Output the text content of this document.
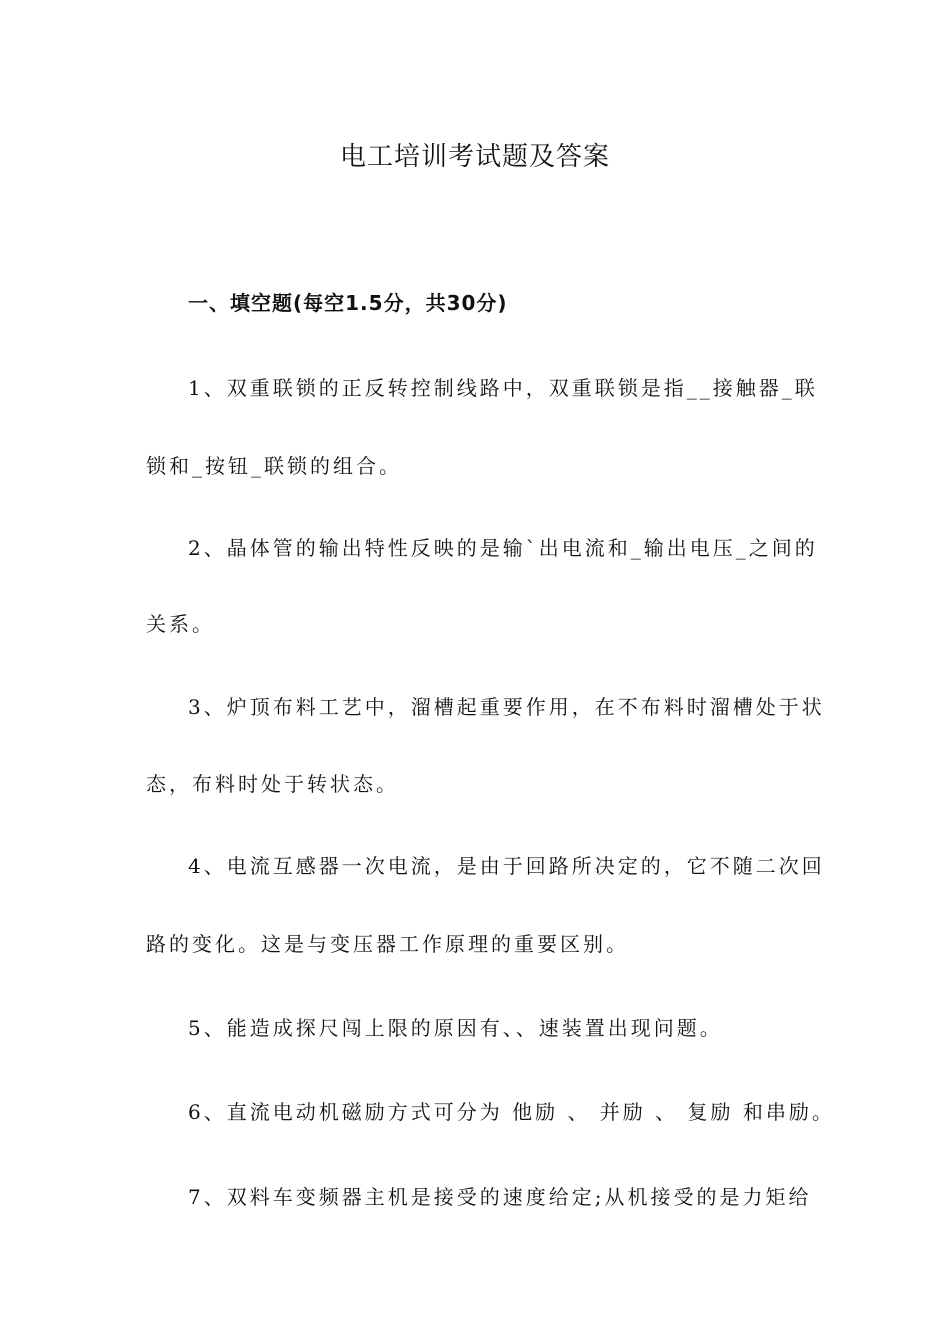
电工培训考试题及答案
一、填空题(每空1.5分，共30分)
1、双重联锁的正反转控制线路中，双重联锁是指__接触器_联
锁和_按钮_联锁的组合。
2、晶体管的输出特性反映的是输`出电流和_输出电压_之间的
关系。
3、炉顶布料工艺中，溜槽起重要作用，在不布料时溜槽处于状
态，布料时处于转状态。
4、电流互感器一次电流，是由于回路所决定的，它不随二次回
路的变化。这是与变压器工作原理的重要区别。
5、能造成探尺闯上限的原因有、、速装置出现问题。
6、直流电动机磁励方式可分为 他励 、 并励 、 复励 和串励。
7、双料车变频器主机是接受的速度给定;从机接受的是力矩给
